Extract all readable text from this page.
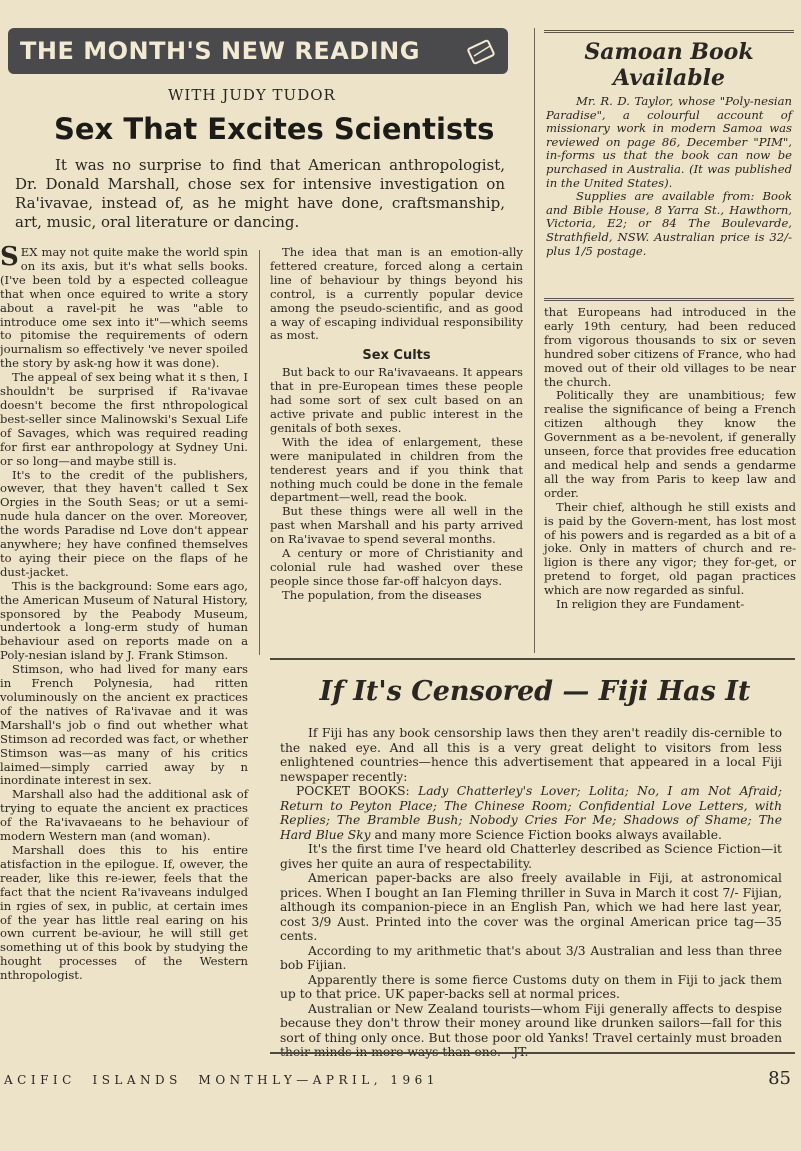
THE MONTH'S NEW READING
WITH JUDY TUDOR
Sex That Excites Scientists
It was no surprise to find that American anthropologist, Dr. Donald Marshall, chose sex for intensive investigation on Ra'ivavae, instead of, as he might have done, craftsmanship, art, music, oral literature or dancing.

SEX may not quite make the world spin on its axis, but it's what sells books. (I've been told by a espected colleague that when once equired to write a story about a ravel-pit he was "able to introduce ome sex into it"—which seems to pitomise the requirements of odern journalism so effectively 've never spoiled the story by ask-ng how it was done).

The appeal of sex being what it s then, I shouldn't be surprised if Ra'ivavae doesn't become the first nthropological best-seller since Malinowski's Sexual Life of Savages, which was required reading for first ear anthropology at Sydney Uni. or so long—and maybe still is.

It's to the credit of the publishers, owever, that they haven't called t Sex Orgies in the South Seas; or ut a semi-nude hula dancer on the over. Moreover, the words Paradise nd Love don't appear anywhere; hey have confined themselves to aying their piece on the flaps of he dust-jacket.

This is the background: Some ears ago, the American Museum of Natural History, sponsored by the Peabody Museum, undertook a long-erm study of human behaviour ased on reports made on a Poly-nesian island by J. Frank Stimson.

Stimson, who had lived for many ears in French Polynesia, had ritten voluminously on the ancient ex practices of the natives of Ra'ivavae and it was Marshall's job o find out whether what Stimson ad recorded was fact, or whether Stimson was—as many of his critics laimed—simply carried away by n inordinate interest in sex.

Marshall also had the additional ask of trying to equate the ancient ex practices of the Ra'ivavaeans to he behaviour of modern Western man (and woman).

Marshall does this to his entire atisfaction in the epilogue. If, owever, the reader, like this re-iewer, feels that the fact that the ncient Ra'ivaveans indulged in rgies of sex, in public, at certain imes of the year has little real earing on his own current be-aviour, he will still get something ut of this book by studying the hought processes of the Western nthropologist.

The idea that man is an emotion-ally fettered creature, forced along a certain line of behaviour by things beyond his control, is a currently popular device among the pseudo-scientific, and as good a way of escaping individual responsibility as most.

Sex Cults

But back to our Ra'ivavaeans. It appears that in pre-European times these people had some sort of sex cult based on an active private and public interest in the genitals of both sexes.

With the idea of enlargement, these were manipulated in children from the tenderest years and if you think that nothing much could be done in the female department—well, read the book.

But these things were all well in the past when Marshall and his party arrived on Ra'ivavae to spend several months.

A century or more of Christianity and colonial rule had washed over these people since those far-off halcyon days.

The population, from the diseases

Samoan Book
Available

Mr. R. D. Taylor, whose "Poly-nesian Paradise", a colourful account of missionary work in modern Samoa was reviewed on page 86, December "PIM", in-forms us that the book can now be purchased in Australia. (It was published in the United States).

Supplies are available from: Book and Bible House, 8 Yarra St., Hawthorn, Victoria, E2; or 84 The Boulevarde, Strathfield, NSW. Australian price is 32/- plus 1/5 postage.

that Europeans had introduced in the early 19th century, had been reduced from vigorous thousands to six or seven hundred sober citizens of France, who had moved out of their old villages to be near the church.

Politically they are unambitious; few realise the significance of being a French citizen although they know the Government as a be-nevolent, if generally unseen, force that provides free education and medical help and sends a gendarme all the way from Paris to keep law and order.

Their chief, although he still exists and is paid by the Govern-ment, has lost most of his powers and is regarded as a bit of a joke. Only in matters of church and re-ligion is there any vigor; they for-get, or pretend to forget, old pagan practices which are now regarded as sinful.

In religion they are Fundament-

If It's Censored — Fiji Has It

If Fiji has any book censorship laws then they aren't readily dis-cernible to the naked eye. And all this is a very great delight to visitors from less enlightened countries—hence this advertisement that appeared in a local Fiji newspaper recently:

POCKET BOOKS: Lady Chatterley's Lover; Lolita; No, I am Not Afraid; Return to Peyton Place; The Chinese Room; Confidential Love Letters, with Replies; The Bramble Bush; Nobody Cries For Me; Shadows of Shame; The Hard Blue Sky and many more Science Fiction books always available.

It's the first time I've heard old Chatterley described as Science Fiction—it gives her quite an aura of respectability.

American paper-backs are also freely available in Fiji, at astronomical prices. When I bought an Ian Fleming thriller in Suva in March it cost 7/- Fijian, although its companion-piece in an English Pan, which we had here last year, cost 3/9 Aust. Printed into the cover was the orginal American price tag—35 cents.

According to my arithmetic that's about 3/3 Australian and less than three bob Fijian.

Apparently there is some fierce Customs duty on them in Fiji to jack them up to that price. UK paper-backs sell at normal prices.

Australian or New Zealand tourists—whom Fiji generally affects to despise because they don't throw their money around like drunken sailors—fall for this sort of thing only once. But those poor old Yanks! Travel certainly must broaden

ACIFIC  ISLANDS  MONTHLY—APRIL, 1961	85
